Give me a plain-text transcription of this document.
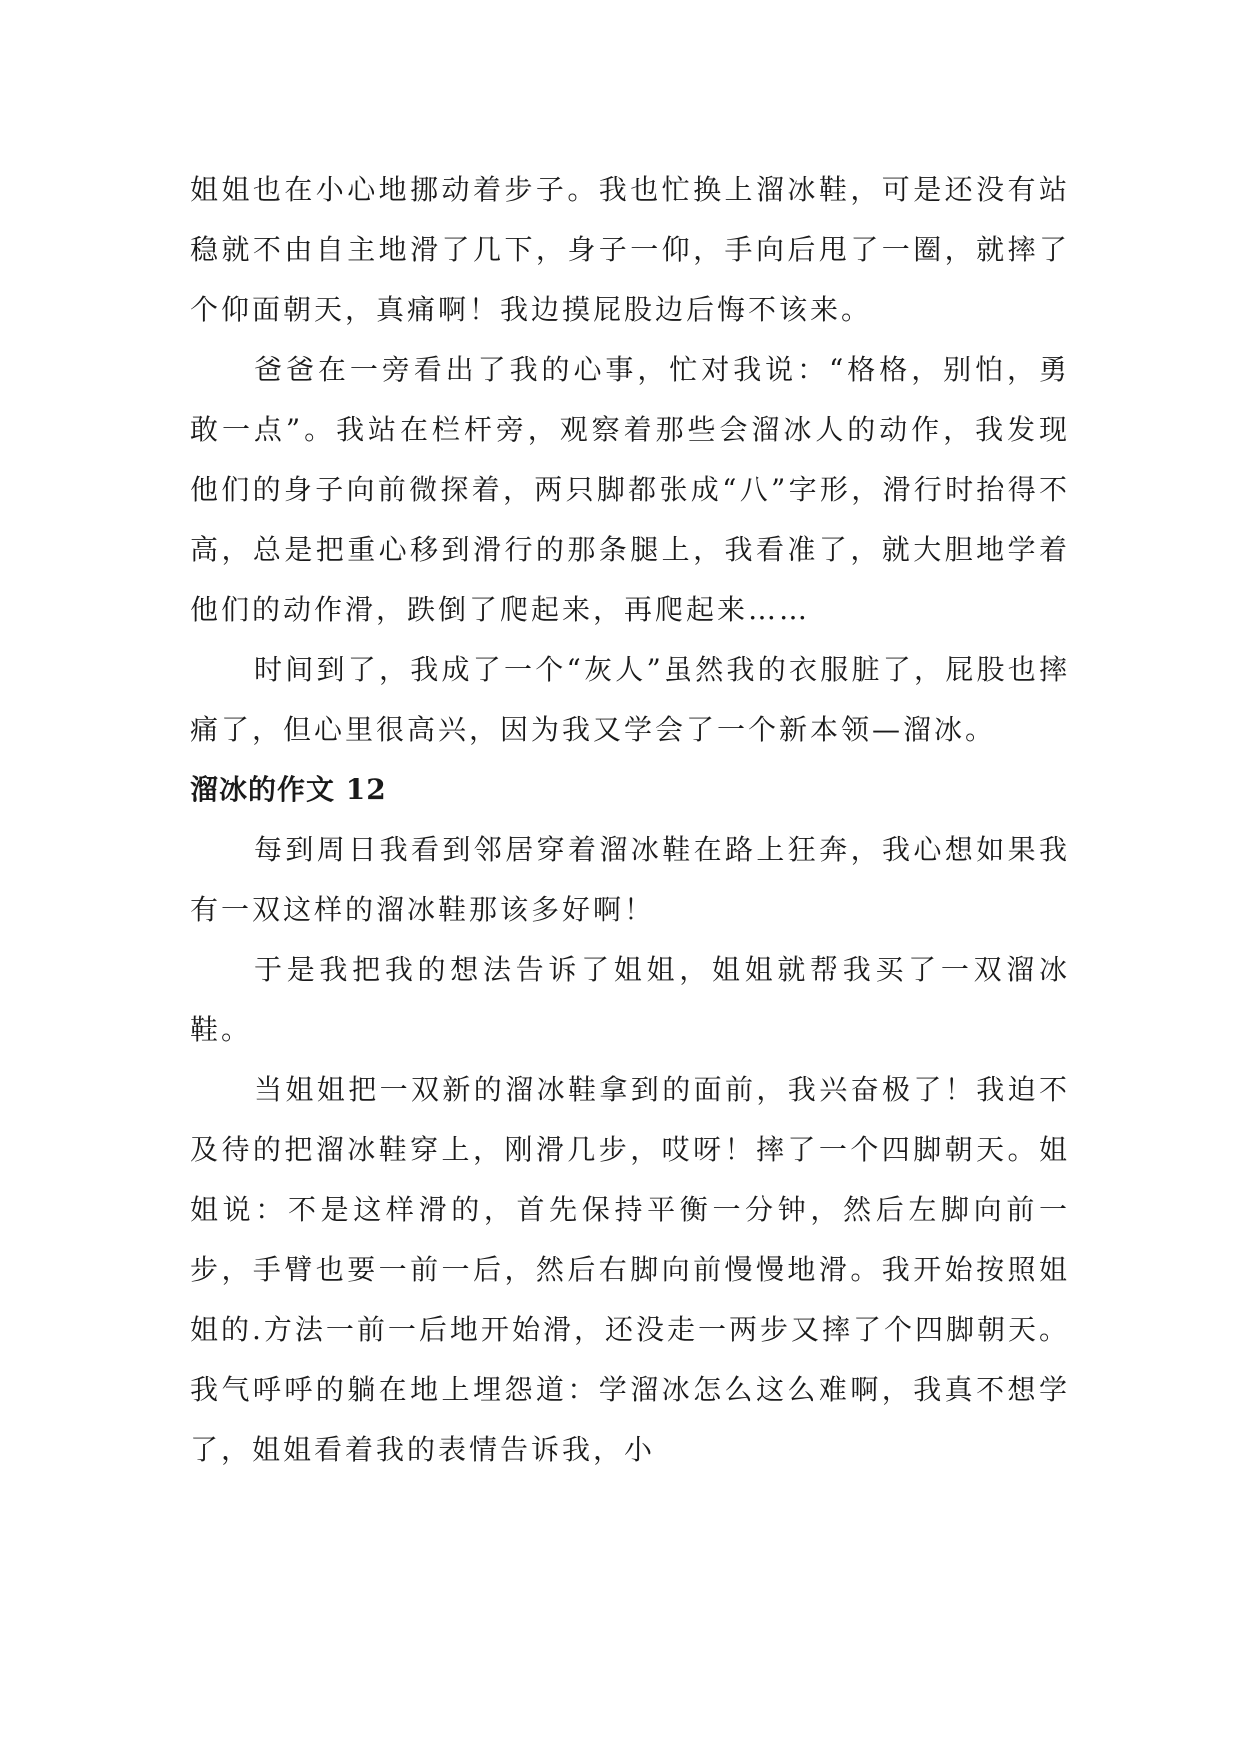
姐姐也在小心地挪动着步子。我也忙换上溜冰鞋，可是还没有站稳就不由自主地滑了几下，身子一仰，手向后甩了一圈，就摔了个仰面朝天，真痛啊！我边摸屁股边后悔不该来。

爸爸在一旁看出了我的心事，忙对我说：“格格，别怕，勇敢一点”。我站在栏杆旁，观察着那些会溜冰人的动作，我发现他们的身子向前微探着，两只脚都张成“八”字形，滑行时抬得不高，总是把重心移到滑行的那条腿上，我看准了，就大胆地学着他们的动作滑，跌倒了爬起来，再爬起来……

时间到了，我成了一个“灰人”虽然我的衣服脏了，屁股也摔痛了，但心里很高兴，因为我又学会了一个新本领—溜冰。

溜冰的作文 12

每到周日我看到邻居穿着溜冰鞋在路上狂奔，我心想如果我有一双这样的溜冰鞋那该多好啊！

于是我把我的想法告诉了姐姐，姐姐就帮我买了一双溜冰鞋。

当姐姐把一双新的溜冰鞋拿到的面前，我兴奋极了！我迫不及待的把溜冰鞋穿上，刚滑几步，哎呀！摔了一个四脚朝天。姐姐说：不是这样滑的，首先保持平衡一分钟，然后左脚向前一步，手臂也要一前一后，然后右脚向前慢慢地滑。我开始按照姐姐的.方法一前一后地开始滑，还没走一两步又摔了个四脚朝天。我气呼呼的躺在地上埋怨道：学溜冰怎么这么难啊，我真不想学了，姐姐看着我的表情告诉我，小
